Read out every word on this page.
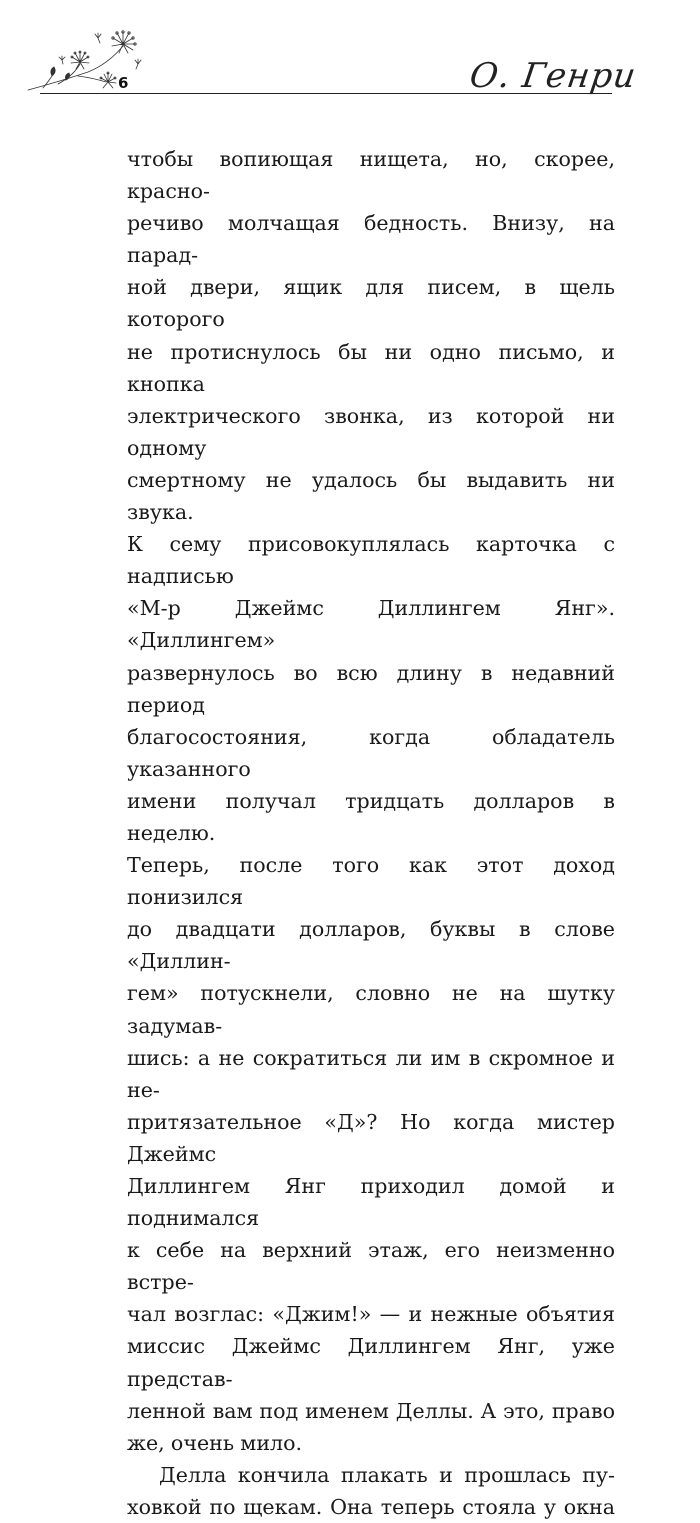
6	О. Генри

чтобы вопиющая нищета, но, скорее, красно-

речиво молчащая бедность. Внизу, на парад-

ной двери, ящик для писем, в щель которого

не протиснулось бы ни одно письмо, и кнопка

электрического звонка, из которой ни одному

смертному не удалось бы выдавить ни звука.

К сему присовокуплялась карточка с надписью

«М-р Джеймс Диллингем Янг». «Диллингем»

развернулось во всю длину в недавний период

благосостояния, когда обладатель указанного

имени получал тридцать долларов в неделю.

Теперь, после того как этот доход понизился

до двадцати долларов, буквы в слове «Диллин-

гем» потускнели, словно не на шутку задумав-

шись: а не сократиться ли им в скромное и не-

притязательное «Д»? Но когда мистер Джеймс

Диллингем Янг приходил домой и поднимался

к себе на верхний этаж, его неизменно встре-

чал возглас: «Джим!» — и нежные объятия

миссис Джеймс Диллингем Янг, уже представ-

ленной вам под именем Деллы. А это, право

же, очень мило.

Делла кончила плакать и прошлась пу-

ховкой по щекам. Она теперь стояла у окна
